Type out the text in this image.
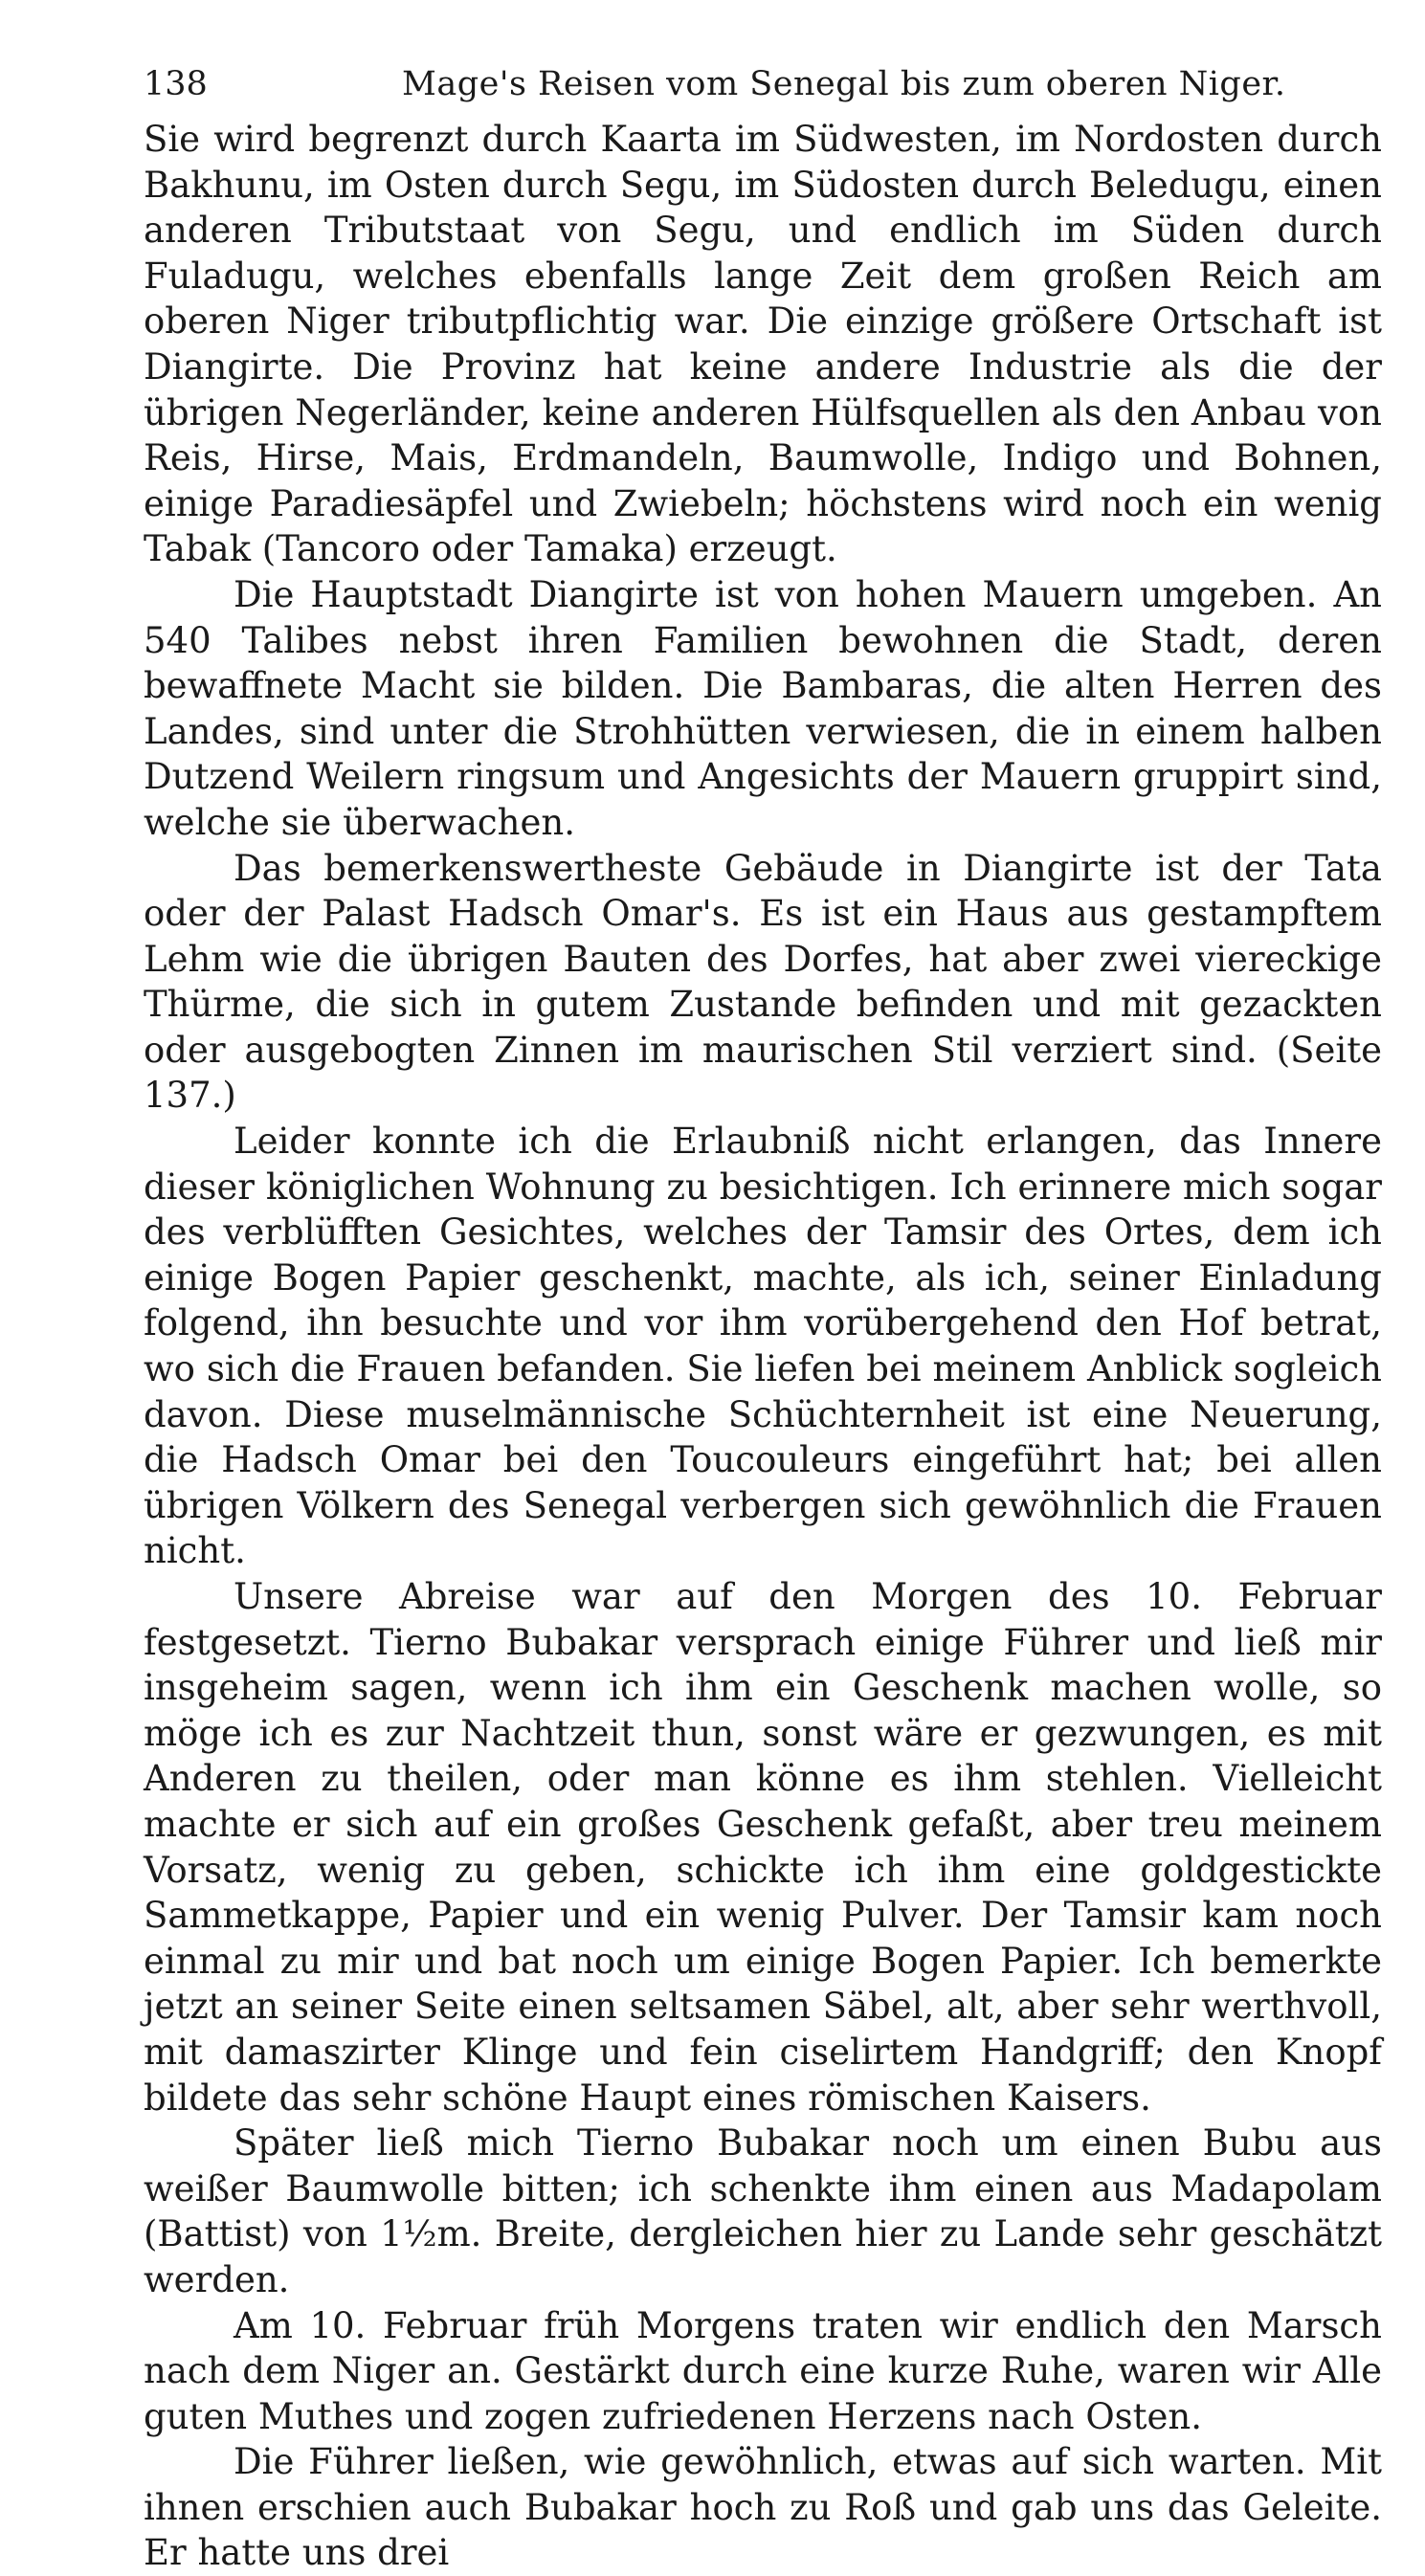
138	Mage's Reisen vom Senegal bis zum oberen Niger.

Sie wird begrenzt durch Kaarta im Südwesten, im Nordosten durch Bakhunu, im Osten durch Segu, im Südosten durch Beledugu, einen anderen Tributstaat von Segu, und endlich im Süden durch Fuladugu, welches ebenfalls lange Zeit dem großen Reich am oberen Niger tributpflichtig war. Die einzige größere Ortschaft ist Diangirte. Die Provinz hat keine andere Industrie als die der übrigen Negerländer, keine anderen Hülfsquellen als den Anbau von Reis, Hirse, Mais, Erdmandeln, Baumwolle, Indigo und Bohnen, einige Paradiesäpfel und Zwiebeln; höchstens wird noch ein wenig Tabak (Tancoro oder Tamaka) erzeugt.

Die Hauptstadt Diangirte ist von hohen Mauern umgeben. An 540 Talibes nebst ihren Familien bewohnen die Stadt, deren bewaffnete Macht sie bilden. Die Bambaras, die alten Herren des Landes, sind unter die Strohhütten verwiesen, die in einem halben Dutzend Weilern ringsum und Angesichts der Mauern gruppirt sind, welche sie überwachen.

Das bemerkenswertheste Gebäude in Diangirte ist der Tata oder der Palast Hadsch Omar's. Es ist ein Haus aus gestampftem Lehm wie die übrigen Bauten des Dorfes, hat aber zwei viereckige Thürme, die sich in gutem Zustande befinden und mit gezackten oder ausgebogten Zinnen im maurischen Stil verziert sind. (Seite 137.)

Leider konnte ich die Erlaubniß nicht erlangen, das Innere dieser königlichen Wohnung zu besichtigen. Ich erinnere mich sogar des verblüfften Gesichtes, welches der Tamsir des Ortes, dem ich einige Bogen Papier geschenkt, machte, als ich, seiner Einladung folgend, ihn besuchte und vor ihm vorübergehend den Hof betrat, wo sich die Frauen befanden. Sie liefen bei meinem Anblick sogleich davon. Diese muselmännische Schüchternheit ist eine Neuerung, die Hadsch Omar bei den Toucouleurs eingeführt hat; bei allen übrigen Völkern des Senegal verbergen sich gewöhnlich die Frauen nicht.

Unsere Abreise war auf den Morgen des 10. Februar festgesetzt. Tierno Bubakar versprach einige Führer und ließ mir insgeheim sagen, wenn ich ihm ein Geschenk machen wolle, so möge ich es zur Nachtzeit thun, sonst wäre er gezwungen, es mit Anderen zu theilen, oder man könne es ihm stehlen. Vielleicht machte er sich auf ein großes Geschenk gefaßt, aber treu meinem Vorsatz, wenig zu geben, schickte ich ihm eine goldgestickte Sammetkappe, Papier und ein wenig Pulver. Der Tamsir kam noch einmal zu mir und bat noch um einige Bogen Papier. Ich bemerkte jetzt an seiner Seite einen seltsamen Säbel, alt, aber sehr werthvoll, mit damaszirter Klinge und fein ciselirtem Handgriff; den Knopf bildete das sehr schöne Haupt eines römischen Kaisers.

Später ließ mich Tierno Bubakar noch um einen Bubu aus weißer Baumwolle bitten; ich schenkte ihm einen aus Madapolam (Battist) von 1½m. Breite, dergleichen hier zu Lande sehr geschätzt werden.

Am 10. Februar früh Morgens traten wir endlich den Marsch nach dem Niger an. Gestärkt durch eine kurze Ruhe, waren wir Alle guten Muthes und zogen zufriedenen Herzens nach Osten.

Die Führer ließen, wie gewöhnlich, etwas auf sich warten. Mit ihnen erschien auch Bubakar hoch zu Roß und gab uns das Geleite. Er hatte uns drei
